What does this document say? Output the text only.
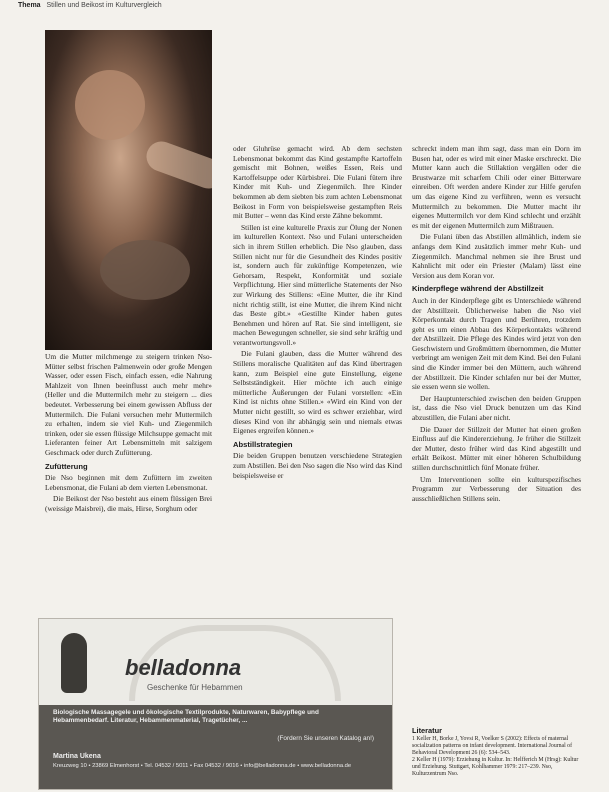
Thema Stillen und Beikost im Kulturvergleich

Um die Mutter milchmenge zu steigern trinken Nso-Mütter selbst frischen Palmenwein oder große Mengen Wasser, oder essen Fisch, einfach essen, «die Nahrung Mahlzeit von Ihnen beeinflusst auch mehr mehr» (Heller und die Muttermilch mehr zu steigern ... dies bedeutet. Verbesserung bei einem gewissen Abfluss der Muttermilch. Die Fulani versuchen mehr Muttermilch zu erhalten, indem sie viel Kuh- und Ziegenmilch trinken, oder sie essen flüssige Milchsuppe gemacht mit Lieferanten feiner Art Lebensmitteln mit salzigem Geschmack oder durch Zufütterung.

Zufütterung

Die Nso beginnen mit dem Zufüttern im zweiten Lebensmonat, die Fulani ab dem vierten Lebensmonat.

Die Beikost der Nso besteht aus einem flüssigen Brei (weissige Maisbrei), die mais, Hirse, Sorghum oder

oder Gluhrüse gemacht wird. Ab dem sechsten Lebensmonat bekommt das Kind gestampfte Kartoffeln gemischt mit Bohnen, weißes Essen, Reis und Kartoffelsuppe oder Kürbisbrei. Die Fulani fütern ihre Kinder mit Kuh- und Ziegenmilch. Ihre Kinder bekommen ab dem siebten bis zum achten Lebensmonat Beikost in Form von beispielsweise gestampften Reis mit Butter – wenn das Kind erste Zähne bekommt.

Stillen ist eine kulturelle Praxis zur Ölung der Nonen im kulturellen Kontext. Nso und Fulani unterscheiden sich in ihrem Stillen erheblich. Die Nso glauben, dass Stillen nicht nur für die Gesundheit des Kindes positiv ist, sondern auch für zukünftige Kompetenzen, wie Gehorsam, Respekt, Konformität und soziale Verpflichtung. Hier sind mütterliche Statements der Nso zur Wirkung des Stillens: «Eine Mutter, die ihr Kind nicht richtig stillt, ist eine Mutter, die ihrem Kind nicht das Beste gibt.» «Gestillte Kinder haben gutes Benehmen und hören auf Rat. Sie sind intelligent, sie machen Bewegungen schneller, sie sind sehr kräftig und verantwortungsvoll.»

Die Fulani glauben, dass die Mutter während des Stillens moralische Qualitäten auf das Kind übertragen kann, zum Beispiel eine gute Einstellung, eigene Selbstständigkeit. Hier möchte ich auch einige mütterliche Äußerungen der Fulani vorstellen: «Ein Kind ist nichts ohne Stillen.» «Wird ein Kind von der Mutter nicht gestillt, so wird es schwer erziehbar, wird dieses Kind von ihr abhängig sein und niemals etwas Eigenes ergreifen können.»

Abstillstrategien

Die beiden Gruppen benutzen verschiedene Strategien zum Abstillen. Bei den Nso sagen die Nso wird das Kind beispielsweise er

schreckt indem man ihm sagt, dass man ein Dorn im Busen hat, oder es wird mit einer Maske erschreckt. Die Mutter kann auch die Stillaktion vergällen oder die Brustwarze mit scharfem Chili oder einer Bitterware einreiben. Oft werden andere Kinder zur Hilfe gerufen um das eigene Kind zu verführen, wenn es versucht Muttermilch zu bekommen. Die Mutter macht ihr eigenes Muttermilch vor dem Kind schlecht und erzählt es mit der eigenen Muttermilch zum Mißtrauen.

Die Fulani üben das Abstillen allmählich, indem sie anfangs dem Kind zusätzlich immer mehr Kuh- und Ziegenmilch. Manchmal nehmen sie ihre Brust und Kahnlicht mit oder ein Priester (Malam) lässt eine Version aus dem Koran vor.

Kinderpflege während der Abstillzeit

Auch in der Kinderpflege gibt es Unterschiede während der Abstillzeit. Üblicherweise haben die Nso viel Körperkontakt durch Tragen und Berühren, trotzdem geht es um einen Abbau des Körperkontakts während der Abstillzeit. Die Pflege des Kindes wird jetzt von den Geschwistern und Großmüttern übernommen, die Mutter verbringt am wenigen Zeit mit dem Kind. Bei den Fulani sind die Kinder immer bei den Müttern, auch während der Abstillzeit. Die Kinder schlafen nur bei der Mutter, sie essen wenn sie wollen.

Der Hauptunterschied zwischen den beiden Gruppen ist, dass die Nso viel Druck benutzen um das Kind abzustillen, die Fulani aber nicht.

Die Dauer der Stillzeit der Mutter hat einen großen Einfluss auf die Kindererziehung. Je früher die Stillzeit der Mutter, desto früher wird das Kind abgestillt und erhält Beikost. Mütter mit einer höheren Schulbildung stillen durchschnittlich fünf Monate früher.

Um Interventionen sollte ein kulturspezifisches Programm zur Verbesserung der Situation des ausschließlichen Stillens sein.

Literatur
1 Keller H, Borke J, Yovsi R, Voelker S (2002): Effects of maternal socialization patterns on infant development. International Journal of Behavioral Development 26 (6): 534–543.
2 Keller H (1979): Erziehung in Kultur. In: Helfferich M (Hrsg): Kultur und Erziehung. Stuttgart, Kohlhammer 1979: 217–239. Nso, Kulturzentrum Nso.
belladonna
Geschenke für Hebammen
Biologische Massagegele und ökologische Textilprodukte, Naturwaren, Babypflege und Hebammenbedarf. Literatur, Hebammenmaterial, Tragetücher, ...
(Fordern Sie unseren Katalog an!)
Martina Ukena
Kreuzweg 10 • 23869 Elmenhorst • Tel. 04532 / 5011 • Fax 04532 / 9016 • info@belladonna.de • www.belladonna.de
